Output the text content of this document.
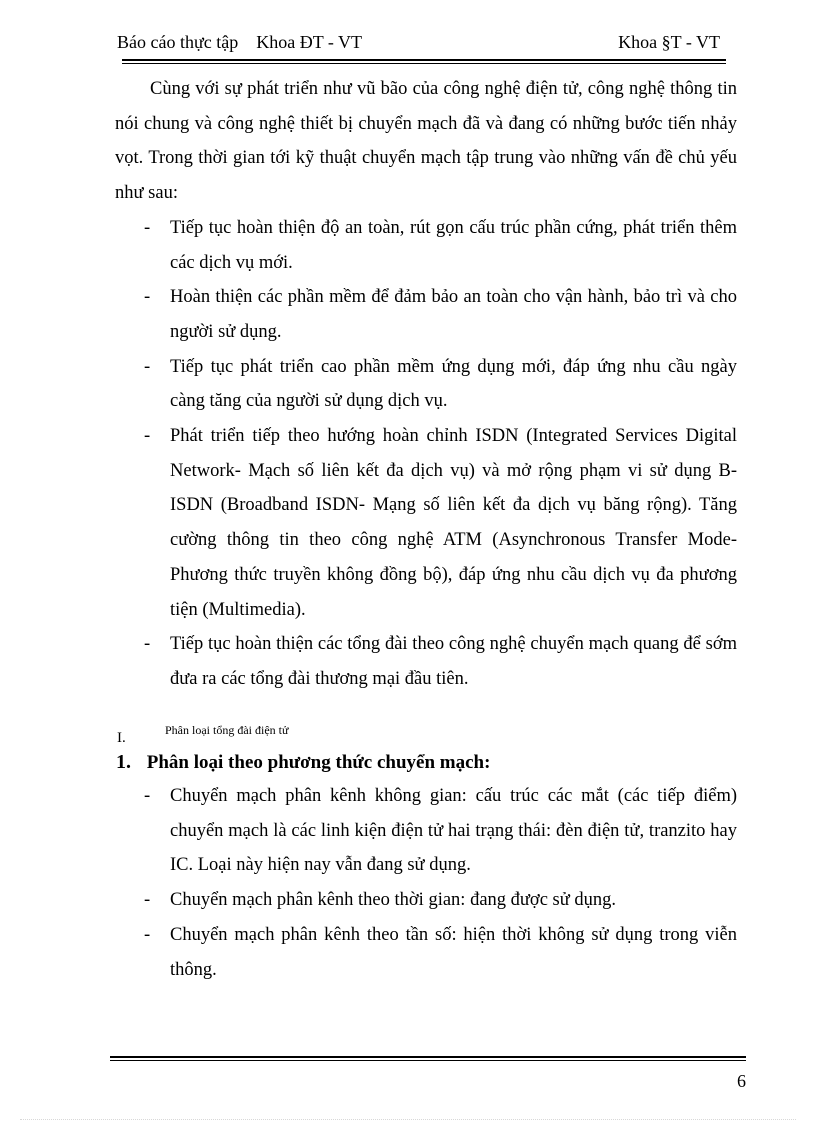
Báo cáo thực tập Khoa ĐT - VT	Khoa §T - VT

Cùng với sự phát triển như vũ bão của công nghệ điện tử, công nghệ thông tin nói chung và công nghệ thiết bị chuyển mạch đã và đang có những bước tiến nhảy vọt. Trong thời gian tới kỹ thuật chuyển mạch tập trung vào những vấn đề chủ yếu như sau:

- Tiếp tục hoàn thiện độ an toàn, rút gọn cấu trúc phần cứng, phát triển thêm các dịch vụ mới.
- Hoàn thiện các phần mềm để đảm bảo an toàn cho vận hành, bảo trì và cho người sử dụng.
- Tiếp tục phát triển cao phần mềm ứng dụng mới, đáp ứng nhu cầu ngày càng tăng của người sử dụng dịch vụ.
- Phát triển tiếp theo hướng hoàn chỉnh ISDN (Integrated Services Digital Network- Mạch số liên kết đa dịch vụ) và mở rộng phạm vi sử dụng B- ISDN (Broadband ISDN- Mạng số liên kết đa dịch vụ băng rộng). Tăng cường thông tin theo công nghệ ATM (Asynchronous Transfer Mode- Phương thức truyền không đồng bộ), đáp ứng nhu cầu dịch vụ đa phương tiện (Multimedia).
- Tiếp tục hoàn thiện các tổng đài theo công nghệ chuyển mạch quang để sớm đưa ra các tổng đài thương mại đầu tiên.
I.	Phân loại tổng đài điện tử
1. Phân loại theo phương thức chuyển mạch:
- Chuyển mạch phân kênh không gian: cấu trúc các mắt (các tiếp điểm) chuyển mạch là các linh kiện điện tử hai trạng thái: đèn điện tử, tranzito hay IC. Loại này hiện nay vẫn đang sử dụng.
- Chuyển mạch phân kênh theo thời gian: đang được sử dụng.
- Chuyển mạch phân kênh theo tần số: hiện thời không sử dụng trong viễn thông.
6
